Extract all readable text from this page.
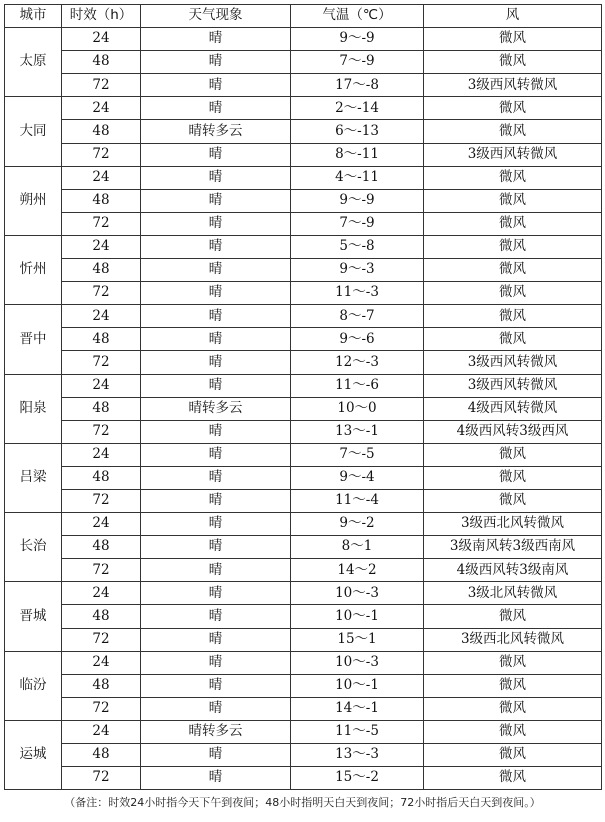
城市	时效（h）	天气现象	气温（℃）	风
太原	24	晴	9～-9	微风
	48	晴	7～-9	微风
	72	晴	17～-8	3级西风转微风
大同	24	晴	2～-14	微风
	48	晴转多云	6～-13	微风
	72	晴	8～-11	3级西风转微风
朔州	24	晴	4～-11	微风
	48	晴	9～-9	微风
	72	晴	7～-9	微风
忻州	24	晴	5～-8	微风
	48	晴	9～-3	微风
	72	晴	11～-3	微风
晋中	24	晴	8～-7	微风
	48	晴	9～-6	微风
	72	晴	12～-3	3级西风转微风
阳泉	24	晴	11～-6	3级西风转微风
	48	晴转多云	10～0	4级西风转微风
	72	晴	13～-1	4级西风转3级西风
吕梁	24	晴	7～-5	微风
	48	晴	9～-4	微风
	72	晴	11～-4	微风
长治	24	晴	9～-2	3级西北风转微风
	48	晴	8～1	3级南风转3级西南风
	72	晴	14～2	4级西风转3级南风
晋城	24	晴	10～-3	3级北风转微风
	48	晴	10～-1	微风
	72	晴	15～1	3级西北风转微风
临汾	24	晴	10～-3	微风
	48	晴	10～-1	微风
	72	晴	14～-1	微风
运城	24	晴转多云	11～-5	微风
	48	晴	13～-3	微风
	72	晴	15～-2	微风
（备注：时效24小时指今天下午到夜间；48小时指明天白天到夜间；72小时指后天白天到夜间。）
